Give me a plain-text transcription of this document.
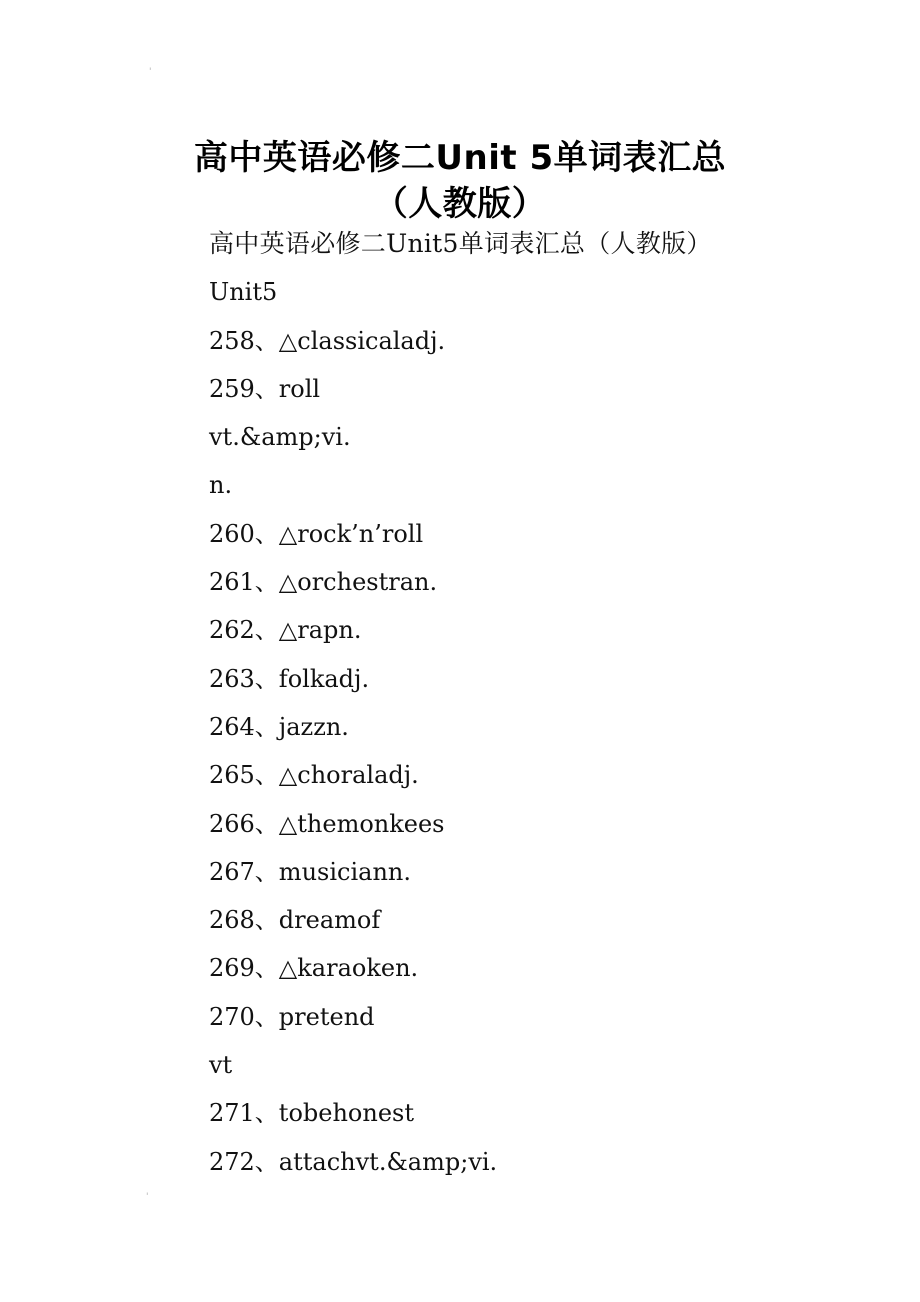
'
高中英语必修二Unit 5单词表汇总
（人教版）
高中英语必修二Unit5单词表汇总（人教版）
Unit5
258、△classicaladj.
259、roll
vt.&amp;vi.
n.
260、△rock’n’roll
261、△orchestran.
262、△rapn.
263、folkadj.
264、jazzn.
265、△choraladj.
266、△themonkees
267、musiciann.
268、dreamof
269、△karaoken.
270、pretend
vt
271、tobehonest
272、attachvt.&amp;vi.
'
